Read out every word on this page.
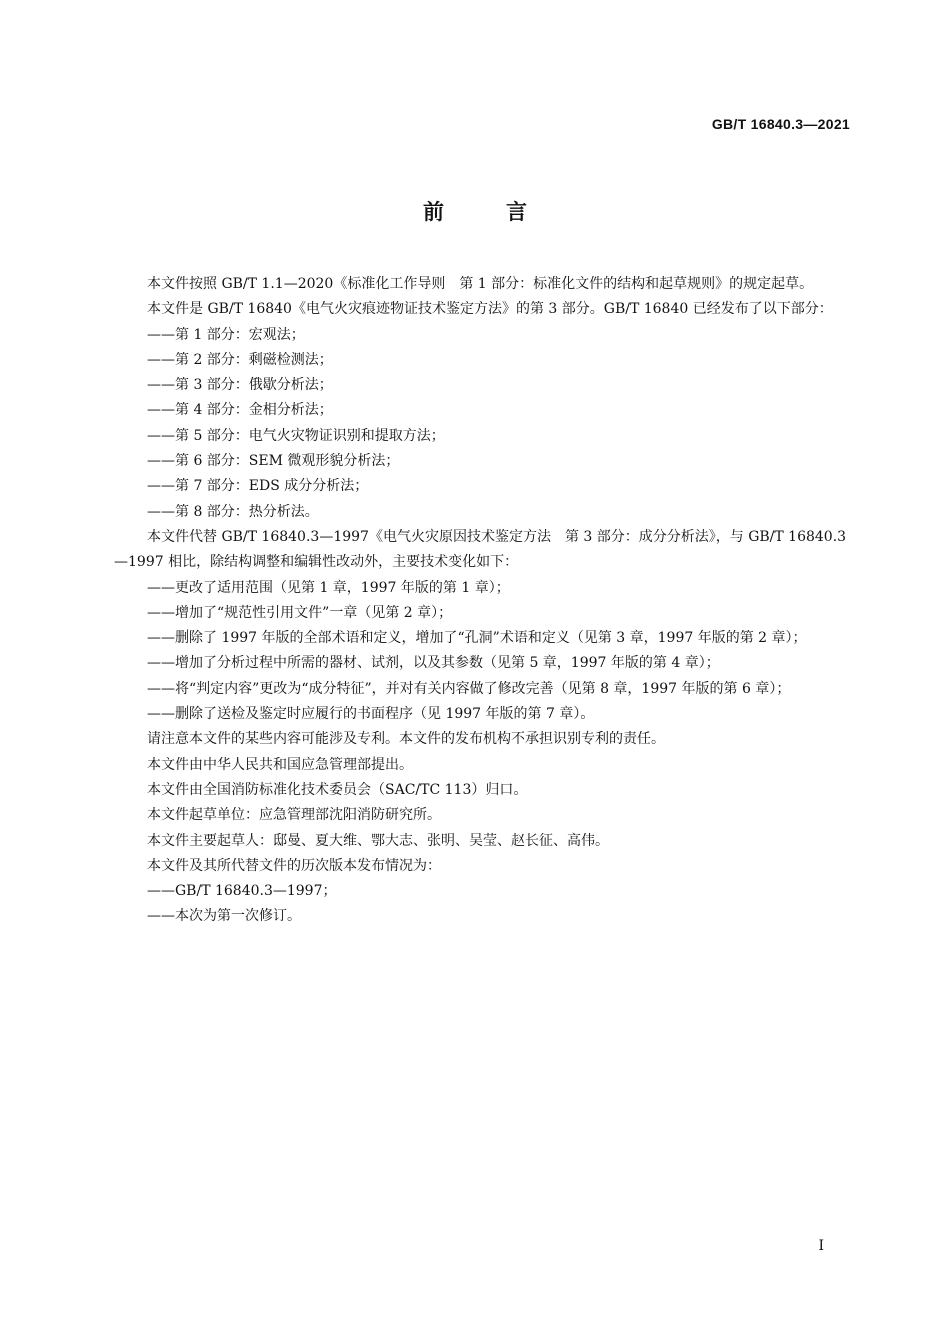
GB/T 16840.3—2021
前言

本文件按照 GB/T 1.1—2020《标准化工作导则　第 1 部分：标准化文件的结构和起草规则》的规定起草。

本文件是 GB/T 16840《电气火灾痕迹物证技术鉴定方法》的第 3 部分。GB/T 16840 已经发布了以下部分：

——第 1 部分：宏观法；

——第 2 部分：剩磁检测法；

——第 3 部分：俄歇分析法；

——第 4 部分：金相分析法；

——第 5 部分：电气火灾物证识别和提取方法；

——第 6 部分：SEM 微观形貌分析法；

——第 7 部分：EDS 成分分析法；

——第 8 部分：热分析法。

本文件代替 GB/T 16840.3—1997《电气火灾原因技术鉴定方法　第 3 部分：成分分析法》，与 GB/T 16840.3—1997 相比，除结构调整和编辑性改动外，主要技术变化如下：

——更改了适用范围（见第 1 章，1997 年版的第 1 章）；

——增加了“规范性引用文件”一章（见第 2 章）；

——删除了 1997 年版的全部术语和定义，增加了“孔洞”术语和定义（见第 3 章，1997 年版的第 2 章）；

——增加了分析过程中所需的器材、试剂，以及其参数（见第 5 章，1997 年版的第 4 章）；

——将“判定内容”更改为“成分特征”，并对有关内容做了修改完善（见第 8 章，1997 年版的第 6 章）；

——删除了送检及鉴定时应履行的书面程序（见 1997 年版的第 7 章）。

请注意本文件的某些内容可能涉及专利。本文件的发布机构不承担识别专利的责任。

本文件由中华人民共和国应急管理部提出。

本文件由全国消防标准化技术委员会（SAC/TC 113）归口。

本文件起草单位：应急管理部沈阳消防研究所。

本文件主要起草人：邸曼、夏大维、鄂大志、张明、吴莹、赵长征、高伟。

本文件及其所代替文件的历次版本发布情况为：

——GB/T 16840.3—1997；

——本次为第一次修订。

I
